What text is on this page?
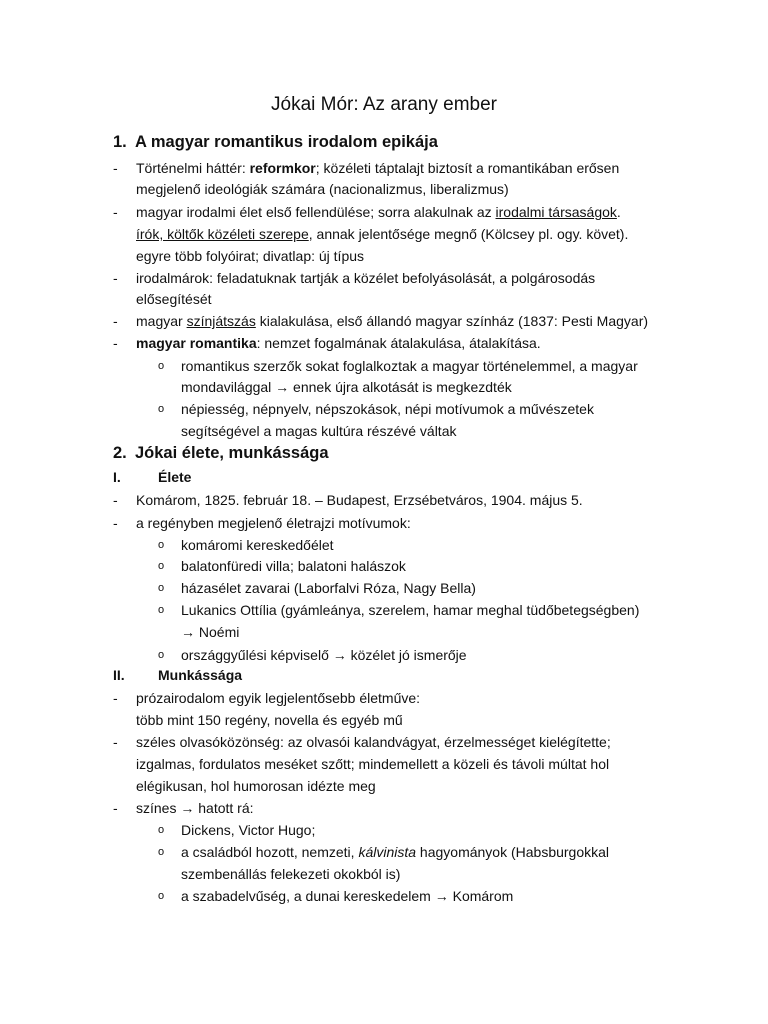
Jókai Mór: Az arany ember
1. A magyar romantikus irodalom epikája
- Történelmi háttér: reformkor; közéleti táptalajt biztosít a romantikában erősen
megjelenő ideológiák számára (nacionalizmus, liberalizmus)
- magyar irodalmi élet első fellendülése; sorra alakulnak az irodalmi társaságok.
írók, költők közéleti szerepe, annak jelentősége megnő (Kölcsey pl. ogy. követ).
egyre több folyóirat; divatlap: új típus
- irodalmárok: feladatuknak tartják a közélet befolyásolását, a polgárosodás
elősegítését
- magyar színjátszás kialakulása, első állandó magyar színház (1837: Pesti Magyar)
- magyar romantika: nemzet fogalmának átalakulása, átalakítása.
o romantikus szerzők sokat foglalkoztak a magyar történelemmel, a magyar
mondavilággal → ennek újra alkotását is megkezdték
o népiesség, népnyelv, népszokások, népi motívumok a művészetek
segítségével a magas kultúra részévé váltak
2. Jókai élete, munkássága
I.	Élete
- Komárom, 1825. február 18. – Budapest, Erzsébetváros, 1904. május 5.
- a regényben megjelenő életrajzi motívumok:
o komáromi kereskedőélet
o balatonfüredi villa; balatoni halászok
o házasélet zavarai (Laborfalvi Róza, Nagy Bella)
o Lukanics Ottília (gyámleánya, szerelem, hamar meghal tüdőbetegségben)
→ Noémi
o országgyűlési képviselő → közélet jó ismerője
II. Munkássága
- prózairodalom egyik legjelentősebb életműve:
több mint 150 regény, novella és egyéb mű
- széles olvasóközönség: az olvasói kalandvágyat, érzelmességet kielégítette;
izgalmas, fordulatos meséket szőtt; mindemellett a közeli és távoli múltat hol
elégikusan, hol humorosan idézte meg
- színes → hatott rá:
o Dickens, Victor Hugo;
o a családból hozott, nemzeti, kálvinista hagyományok (Habsburgokkal
szembenállás felekezeti okokból is)
o a szabadelvűség, a dunai kereskedelem → Komárom
